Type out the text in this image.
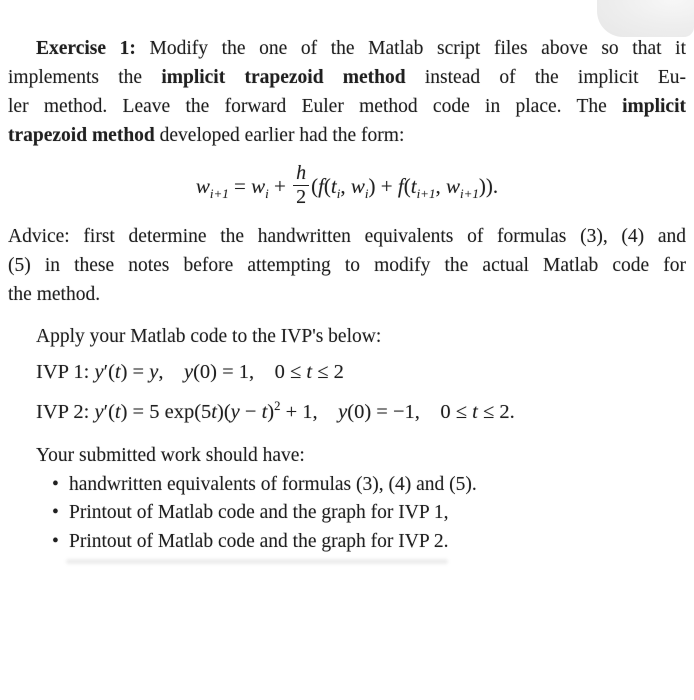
Exercise 1: Modify the one of the Matlab script files above so that it
implements the implicit trapezoid method instead of the implicit Eu-
ler method. Leave the forward Euler method code in place. The implicit
trapezoid method developed earlier had the form:
$w_{i+1} = w_i + \frac{h}{2} (f(t_i$, $w_i) + f(t_{i+1}$, $w_{i+1}$)).
Advice: first determine the handwritten equivalents of formulas (3), (4) and
(5) in these notes before attempting to modify the actual Matlab code for
the method.
Apply your Matlab code to the IVP's below:
IVP 1: y′(t) = y,  y(0) = 1,  0 ≤ t ≤ 2
IVP 2: y′(t) = 5 $\exp(5t)(y - t)^2 + 1$,  y(0) = −1,  0 ≤ t ≤ 2.
Your submitted work should have:
• handwritten equivalents of formulas (3), (4) and (5).
• Printout of Matlab code and the graph for IVP 1,
• Printout of Matlab code and the graph for IVP 2.
